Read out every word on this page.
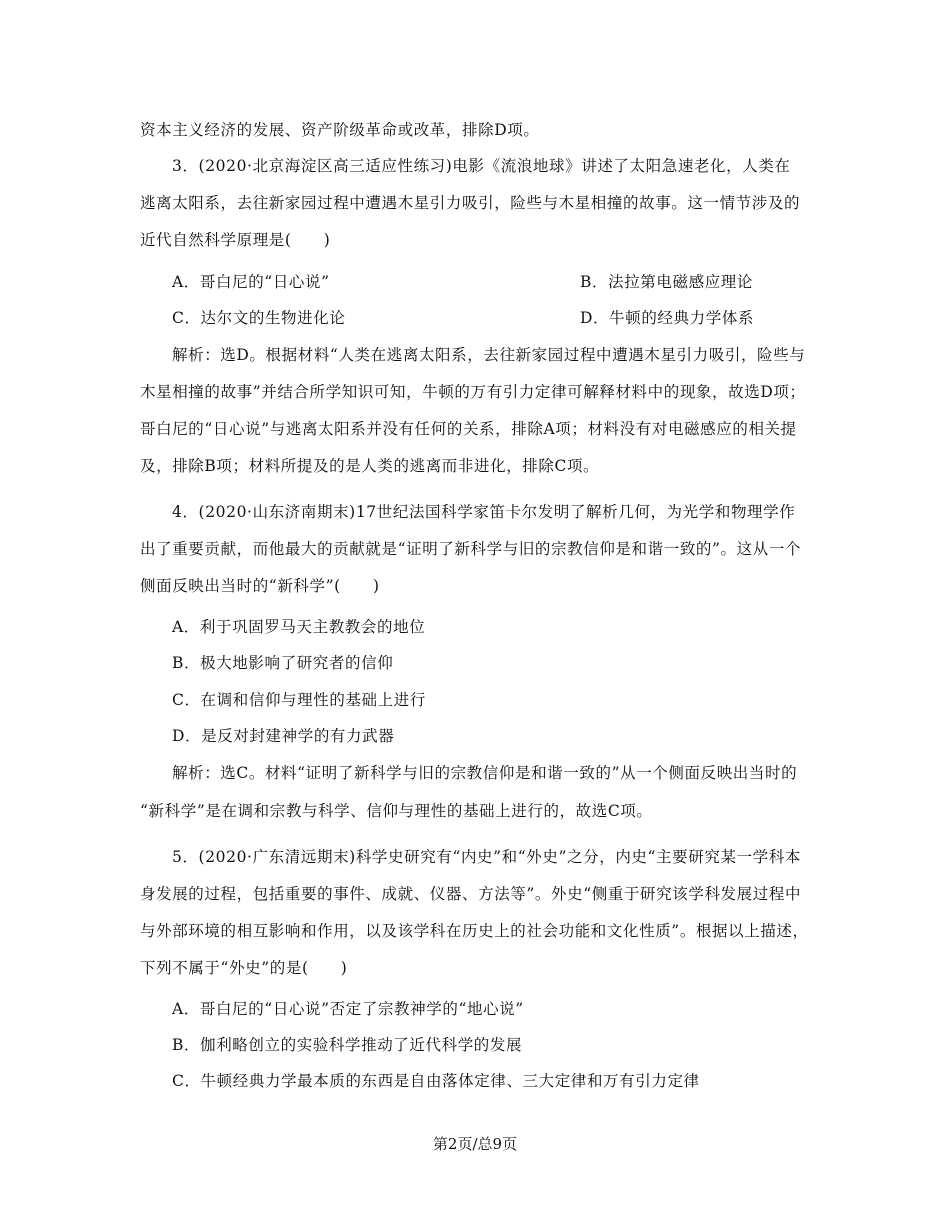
资本主义经济的发展、资产阶级革命或改革，排除D项。
3．(2020·北京海淀区高三适应性练习)电影《流浪地球》讲述了太阳急速老化，人类在
逃离太阳系，去往新家园过程中遭遇木星引力吸引，险些与木星相撞的故事。这一情节涉及的
近代自然科学原理是(　　)
A．哥白尼的“日心说”	B．法拉第电磁感应理论
C．达尔文的生物进化论	D．牛顿的经典力学体系
解析：选D。根据材料“人类在逃离太阳系，去往新家园过程中遭遇木星引力吸引，险些与
木星相撞的故事”并结合所学知识可知，牛顿的万有引力定律可解释材料中的现象，故选D项；
哥白尼的“日心说”与逃离太阳系并没有任何的关系，排除A项；材料没有对电磁感应的相关提
及，排除B项；材料所提及的是人类的逃离而非进化，排除C项。
4．(2020·山东济南期末)17世纪法国科学家笛卡尔发明了解析几何，为光学和物理学作
出了重要贡献，而他最大的贡献就是“证明了新科学与旧的宗教信仰是和谐一致的”。这从一个
侧面反映出当时的“新科学”(　　)
A．利于巩固罗马天主教教会的地位
B．极大地影响了研究者的信仰
C．在调和信仰与理性的基础上进行
D．是反对封建神学的有力武器
解析：选C。材料“证明了新科学与旧的宗教信仰是和谐一致的”从一个侧面反映出当时的
“新科学”是在调和宗教与科学、信仰与理性的基础上进行的，故选C项。
5．(2020·广东清远期末)科学史研究有“内史”和“外史”之分，内史“主要研究某一学科本
身发展的过程，包括重要的事件、成就、仪器、方法等”。外史“侧重于研究该学科发展过程中
与外部环境的相互影响和作用，以及该学科在历史上的社会功能和文化性质”。根据以上描述，
下列不属于“外史”的是(　　)
A．哥白尼的“日心说”否定了宗教神学的“地心说”
B．伽利略创立的实验科学推动了近代科学的发展
C．牛顿经典力学最本质的东西是自由落体定律、三大定律和万有引力定律
第2页/总9页
